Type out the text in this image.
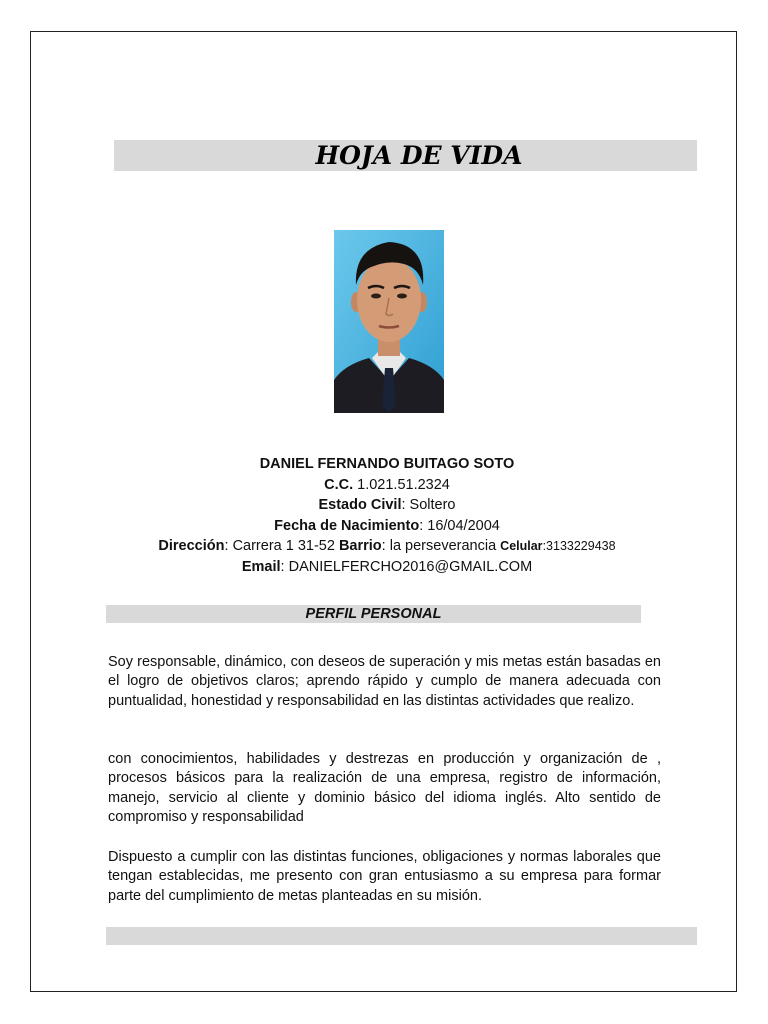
HOJA DE VIDA
DANIEL FERNANDO BUITAGO SOTO
C.C. 1.021.51.2324
Estado Civil: Soltero
Fecha de Nacimiento: 16/04/2004
Dirección: Carrera 1 31-52 Barrio: la perseverancia Celular:3133229438
Email: DANIELFERCHO2016@GMAIL.COM
PERFIL PERSONAL
Soy responsable, dinámico, con deseos de superación y mis metas están basadas en el logro de objetivos claros; aprendo rápido y cumplo de manera adecuada con puntualidad, honestidad y responsabilidad en las distintas actividades que realizo.
con conocimientos, habilidades y destrezas en producción y organización de , procesos básicos para la realización de una empresa, registro de información, manejo, servicio al cliente y dominio básico del idioma inglés. Alto sentido de compromiso y responsabilidad
Dispuesto a cumplir con las distintas funciones, obligaciones y normas laborales que tengan establecidas, me presento con gran entusiasmo a su empresa para formar parte del cumplimiento de metas planteadas en su misión.
